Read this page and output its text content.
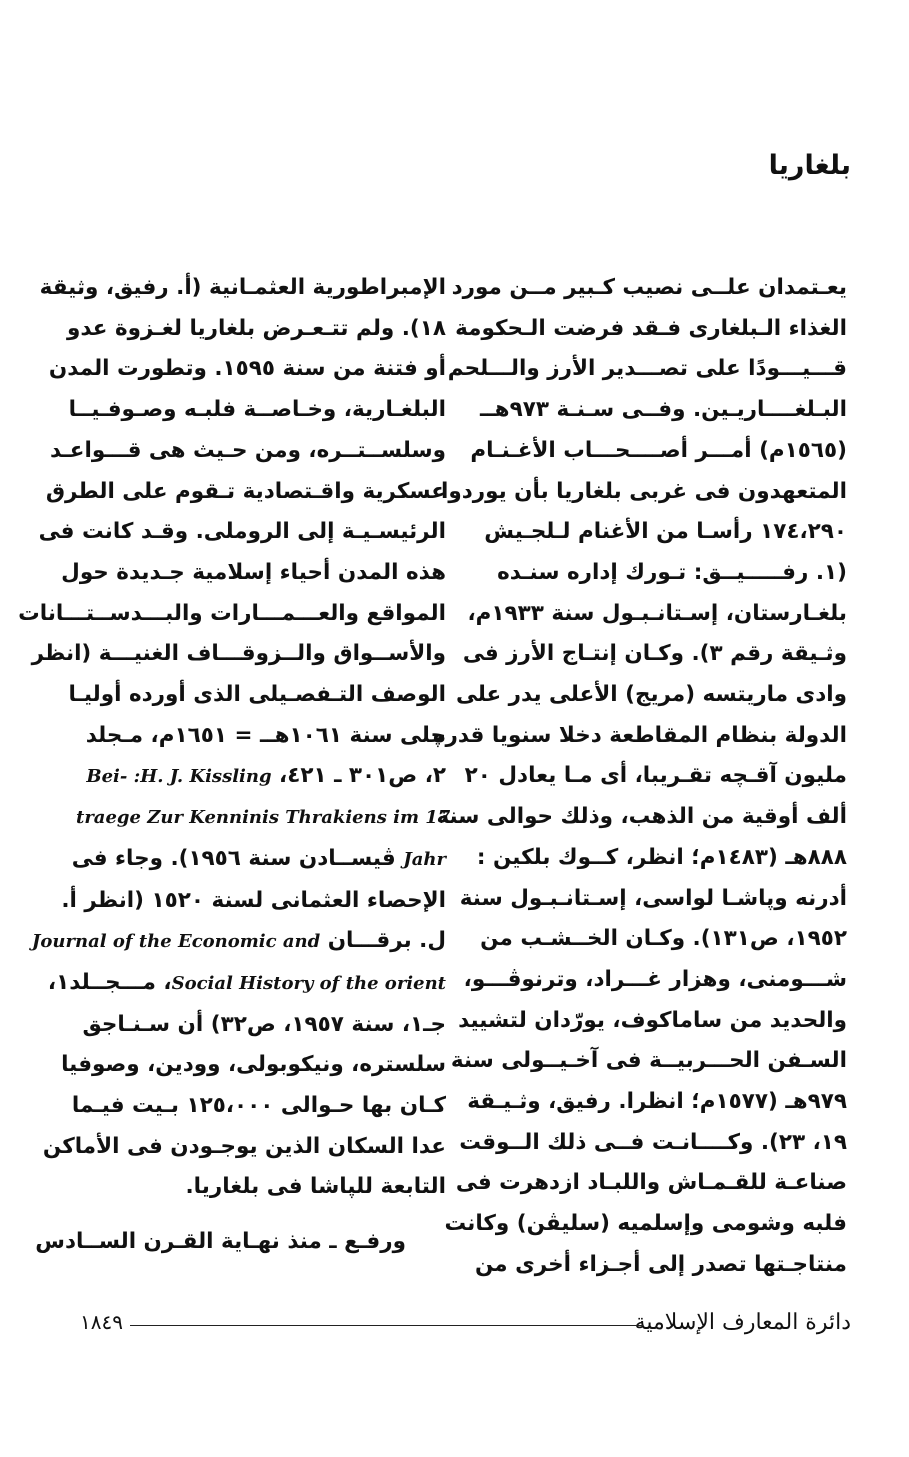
بلغاريا
يعـتمدان علــى نصيب كـبير مــن مورد
الغذاء الـبلغارى فـقد فرضت الـحكومة
قـــيـــودًا على تصـــدير الأرز والـــلحم
البـلغــــاريـين. وفــى سـنـة ٩٧٣هــ
(١٥٦٥م) أمـــر أصــــحـــاب الأغـنـام
المتعهدون فى غربى بلغاريا بأن يوردوا
١٧٤،٢٩٠ رأسـا من الأغنام لـلجـيش
(١. رفـــــيــق: تـورك إداره سنـده
بلغـارستان، إسـتانـبـول سنة ١٩٣٣م،
وثـيقة رقم ٣). وكـان إنتـاج الأرز فى
وادى ماريتسه (مريج) الأعلى يدر على
الدولة بنظام المقاطعة دخلا سنويا قدره
مليون آقـچه تقـريبا، أى مـا يعادل ٢٠
ألف أوقية من الذهب، وذلك حوالى سنة
٨٨٨هـ (١٤٨٣م؛ انظر، كــوك بلكين :
أدرنه وپاشـا لواسى، إسـتانـبـول سنة
١٩٥٢، ص١٣١). وكـان الخــشـب من
شـــومنى، وهزار غـــراد، وترنوڤـــو،
والحديد من ساماكوف، يورّدان لتشييد
السـفن الحـــربيــة فى آخـيــولى سنة
٩٧٩هـ (١٥٧٧م؛ انظرا. رفيق، وثـيـقة
١٩، ٢٣). وكــــانـت فــى ذلك الــوقت
صناعـة للقـمـاش واللبـاد ازدهرت فى
فلبه وشومى وإسلميه (سليڤن) وكانت
منتاجـتها تصدر إلى أجـزاء أخرى من
الإمبراطورية العثمـانية (أ. رفيق، وثيقة
١٨). ولم تتـعـرض بلغاريا لغـزوة عدو
أو فتنة من سنة ١٥٩٥. وتطورت المدن
البلغـارية، وخـاصــة فلبـه وصـوفـيــا
وسلســتــره، ومن حـيث هى قـــواعـد
عسكرية واقـتصادية تـقوم على الطرق
الرئيسـيـة إلى الروملى. وقـد كانت فى
هذه المدن أحياء إسلامية جـديدة حول
المواقع والعـــمـــارات والبـــدســتـــانات
والأســواق والــزوقـــاف الغنيـــة (انظر
الوصف التـفصـيلى الذى أورده أوليـا
چلى سنة ١٠٦١هــ = ١٦٥١م، مـجلد
٢، ص٣٠١ ـ ٤٢١، Bei- :H. J. Kissling
traege Zur Kenninis Thrakiens im 17
Jahr ڤيســادن سنة ١٩٥٦). وجاء فى
الإحصاء العثمانى لسنة ١٥٢٠ (انظر أ.
ل. برقـــان Journal of the Economic and
Social History of the orient، مـــجــلد١،
جـ١، سنة ١٩٥٧، ص٣٢) أن سـنـاجق
سلستره، ونيكوبولى، وودين، وصوفيا
كـان بها حـوالى ١٢٥،٠٠٠ بـيت فيـما
عدا السكان الذين يوجـودن فى الأماكن
التابعة للپاشا فى بلغاريا.
ورفـع ـ منذ نهـاية القـرن الســادس
دائرة المعارف الإسلامية
١٨٤٩
